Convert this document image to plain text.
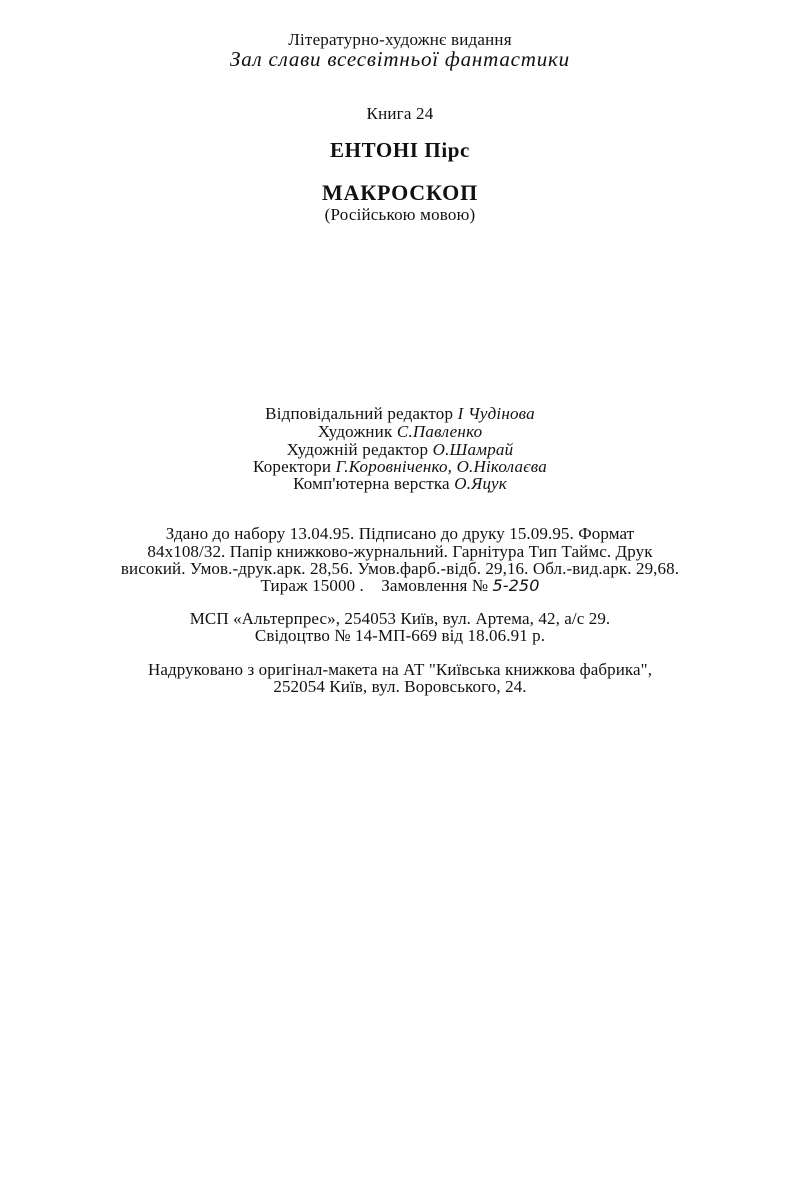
Літературно-художнє видання
Зал слави всесвітньої фантастики
Книга 24
ЕНТОНІ Пірс
МАКРОСКОП
(Російською мовою)
Відповідальний редактор І Чудінова
Художник С.Павленко
Художній редактор О.Шамрай
Коректори Г.Коровніченко, О.Ніколаєва
Комп'ютерна верстка О.Яцук
Здано до набору 13.04.95. Підписано до друку 15.09.95. Формат
84х108/32. Папір книжково-журнальний. Гарнітура Тип Таймс. Друк
високий. Умов.-друк.арк. 28,56. Умов.фарб.-відб. 29,16. Обл.-вид.арк. 29,68.
Тираж 15000 . Замовлення № 5-250
МСП «Альтерпрес», 254053 Київ, вул. Артема, 42, а/с 29.
Свідоцтво № 14-МП-669 від 18.06.91 р.
Надруковано з оригінал-макета на АТ "Київська книжкова фабрика",
252054 Київ, вул. Воровського, 24.
